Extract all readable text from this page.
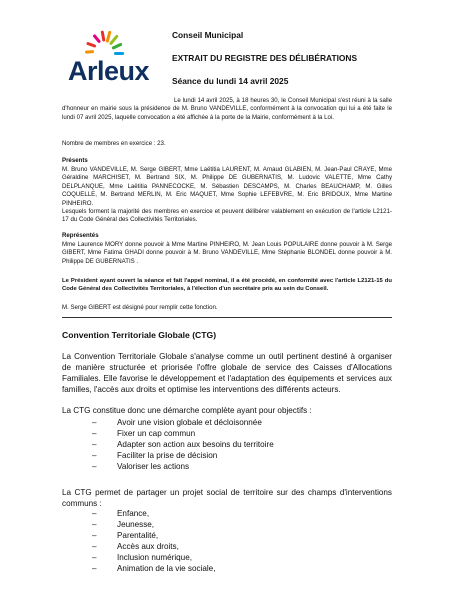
Arleux
Conseil Municipal
EXTRAIT DU REGISTRE DES DÉLIBÉRATIONS
Séance du lundi 14 avril 2025

Le lundi 14 avril 2025, à 18 heures 30, le Conseil Municipal s'est réuni à la salle d'honneur en mairie sous la présidence de M. Bruno VANDEVILLE, conformément à la convocation qui lui a été faite le lundi 07 avril 2025, laquelle convocation a été affichée à la porte de la Mairie, conformément à la Loi.

Nombre de membres en exercice : 23.

Présents

M. Bruno VANDEVILLE, M. Serge GIBERT, Mme Laëtitia LAURENT, M. Arnaud GLABIEN, M. Jean-Paul CRAYE, Mme Géraldine MARCHISET, M. Bertrand SIX, M. Philippe DE GUBERNATIS, M. Ludovic VALETTE, Mme Cathy DELPLANQUE, Mme Laëtitia PANNECOCKE, M. Sébastien DESCAMPS, M. Charles BEAUCHAMP, M. Gilles COQUELLE, M. Bertrand MERLIN, M. Eric MAQUET, Mme Sophie LEFEBVRE, M. Eric BRIDOUX, Mme Martine PINHEIRO.

Lesquels forment la majorité des membres en exercice et peuvent délibérer valablement en exécution de l'article L2121-17 du Code Général des Collectivités Territoriales.

Représentés

Mme Laurence MORY donne pouvoir à Mme Martine PINHEIRO, M. Jean Louis POPULAIRE donne pouvoir à M. Serge GIBERT, Mme Fatima GHADI donne pouvoir à M. Bruno VANDEVILLE, Mme Stéphanie BLONDEL donne pouvoir à M. Philippe DE GUBERNATIS .

Le Président ayant ouvert la séance et fait l'appel nominal, il a été procédé, en conformité avec l'article L2121-15 du Code Général des Collectivités Territoriales, à l'élection d'un secrétaire pris au sein du Conseil.

M. Serge GIBERT est désigné pour remplir cette fonction.

Convention Territoriale Globale (CTG)

La Convention Territoriale Globale s'analyse comme un outil pertinent destiné à organiser de manière structurée et priorisée l'offre globale de service des Caisses d'Allocations Familiales. Elle favorise le développement et l'adaptation des équipements et services aux familles, l'accès aux droits et optimise les interventions des différents acteurs.

La CTG constitue donc une démarche complète ayant pour objectifs :

–	Avoir une vision globale et décloisonnée
–	Fixer un cap commun
–	Adapter son action aux besoins du territoire
–	Faciliter la prise de décision
–	Valoriser les actions

La CTG permet de partager un projet social de territoire sur des champs d'interventions communs :

–	Enfance,
–	Jeunesse,
–	Parentalité,
–	Accès aux droits,
–	Inclusion numérique,
–	Animation de la vie sociale,
